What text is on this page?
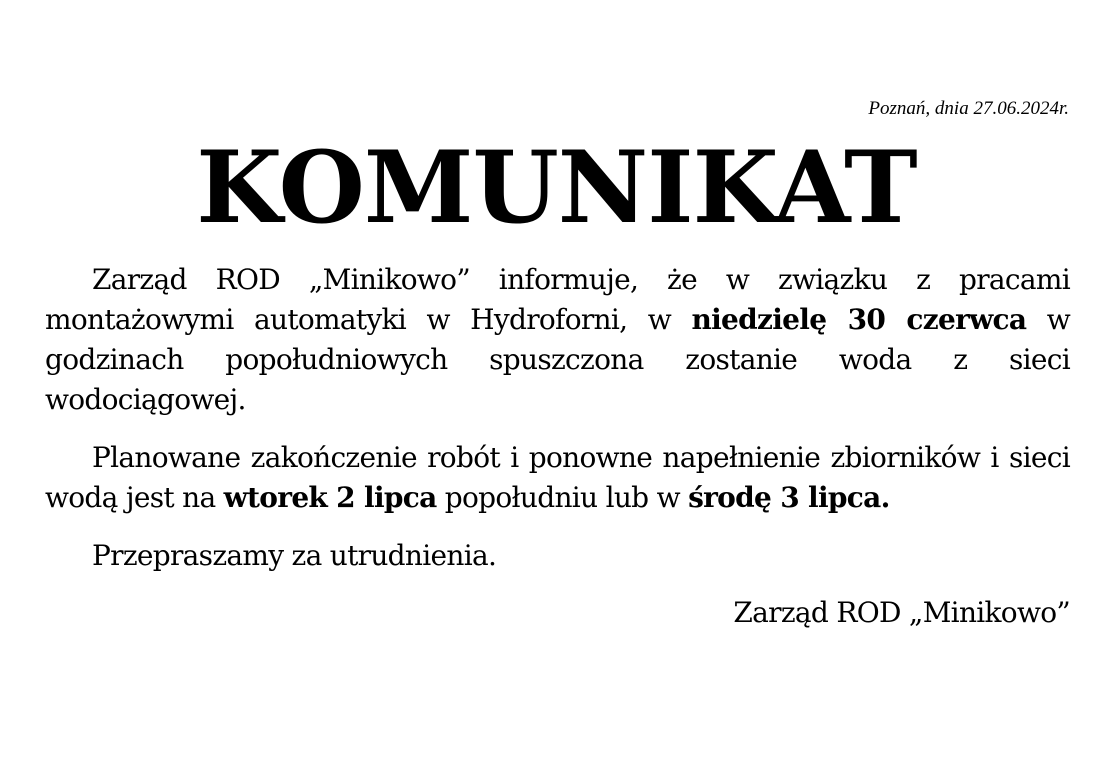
Poznań, dnia 27.06.2024r.
KOMUNIKAT

Zarząd ROD „Minikowo” informuje, że w związku z pracami montażowymi automatyki w Hydroforni, w niedzielę 30 czerwca w godzinach popołudniowych spuszczona zostanie woda z sieci wodociągowej.

Planowane zakończenie robót i ponowne napełnienie zbiorników i sieci wodą jest na wtorek 2 lipca popołudniu lub w środę 3 lipca.

Przepraszamy za utrudnienia.

Zarząd ROD „Minikowo”
